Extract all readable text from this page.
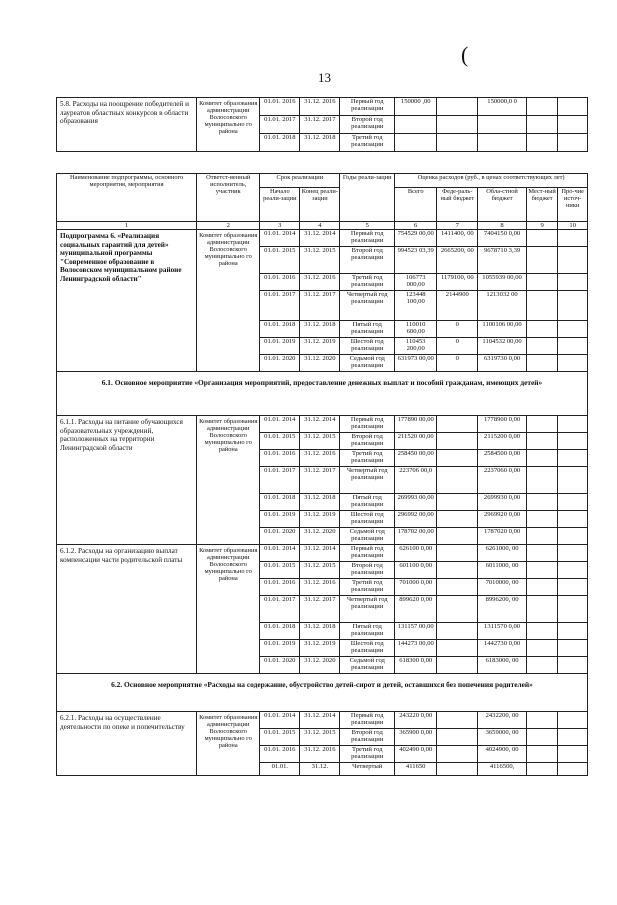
(
13
5.8. Расходы на поощрение победителей и лауреатов областных конкурсов в области образования	Комитет образования администрации Волосовского муниципально го района	01.01. 2016	31.12. 2016	Первый год реализации	150000 ,00		150000,0 0		
		01.01. 2017	31.12. 2017	Второй год реализации					
		01.01. 2018	31.12. 2018	Третий год реализации					
Наименование подпрограммы, основного мероприятия, мероприятия	Ответст-венный исполнитель, участник	Срок реализации		Годы реали-зации	Оценка расходов (руб., в ценах соответствующих лет)				
		Начало реали-зации	Конец реали-зации		Всего	Феде-раль-ный бюджет	Обла-стной бюджет	Мест-ный бюджет	Про-чие источ-ники
1	2	3	4	5	6	7	8	9	10
Подпрограмма 6. «Реализация социальных гарантий для детей» муниципальной программы "Современное образование в Волосовском муниципальном районе Ленинградской области"	Комитет образования администрации Волосовского муниципально го района	01.01. 2014	31.12. 2014	Первый год реализации	754529 00,00	1411400, 00	7404150 0,00		
		01.01. 2015	31.12. 2015	Второй год реализации	994523 03,39	2665200, 00	9678710 3,39		
		01.01. 2016	31.12. 2016	Третий год реализации	106773 000,00	1179100, 00	1055939 00,00		
		01.01. 2017	31.12. 2017	Четвертый год реализации	123448 100,00	2144900	1213032 00		
		01.01. 2018	31.12. 2018	Пятый год реализации	110010 600,00	0	1100106 00,00		
		01.01. 2019	31.12. 2019	Шестой год реализации	110453 200,00	0	1104532 00,00		
		01.01. 2020	31.12. 2020	Седьмой год реализации	631973 00,00	0	6319730 0,00		
6.1. Основное мероприятие «Организация мероприятий, предоставление денежных выплат и пособий гражданам, имеющих детей»									
6.1.1. Расходы на питание обучающихся образовательных учреждений, расположенных на территории Ленинградской области	Комитет образования администрации Волосовского муниципально го района	01.01. 2014	31.12. 2014	Первый год реализации	177890 00,00		1778900 0,00		
		01.01. 2015	31.12. 2015	Второй год реализации	211520 00,00		2115200 0,00		
		01.01. 2016	31.12. 2016	Третий год реализации	258450 00,00		2584500 0,00		
		01.01. 2017	31.12. 2017	Четвертый год реализации	223706 00,0		2237060 0,00		
		01.01. 2018	31.12. 2018	Пятый год реализации	269993 00,00		2699930 0,00		
		01.01. 2019	31.12. 2019	Шестой год реализации	296992 00,00		2969920 0,00		
		01.01. 2020	31.12. 2020	Седьмой год реализации	178702 00,00		1787020 0,00		
6.1.2. Расходы на организацию выплат компенсации части родительской платы	Комитет образования администрации Волосовского муниципально го района	01.01. 2014	31.12. 2014	Первый год реализации	626100 0,00		6261000, 00		
		01.01. 2015	31.12. 2015	Второй год реализации	601100 0,00		6011000, 00		
		01.01. 2016	31.12. 2016	Третий год реализации	701000 0,00		7010000, 00		
		01.01. 2017	31.12. 2017	Четвертый год реализации	899620 0,00		8996200, 00		
		01.01. 2018	31.12. 2018	Пятый год реализации	131157 00,00		1311570 0,00		
		01.01. 2019	31.12. 2019	Шестой год реализации	144273 00,00		1442730 0,00		
		01.01. 2020	31.12. 2020	Седьмой год реализации	618300 0,00		6183000, 00		
6.2. Основное мероприятие «Расходы на содержание, обустройство детей-сирот и детей, оставшихся без попечения родителей»									
6.2.1. Расходы на осуществление деятельности по опеке и попечительству	Комитет образования администрации Волосовского муниципально го района	01.01. 2014	31.12. 2014	Первый год реализации	243220 0,00		2432200, 00		
		01.01. 2015	31.12. 2015	Второй год реализации	365900 0,00		3659000, 00		
		01.01. 2016	31.12. 2016	Третий год реализации	402490 0,00		4024900, 00		
		01.01.	31.12.	Четвертый	411650		4116500,		
